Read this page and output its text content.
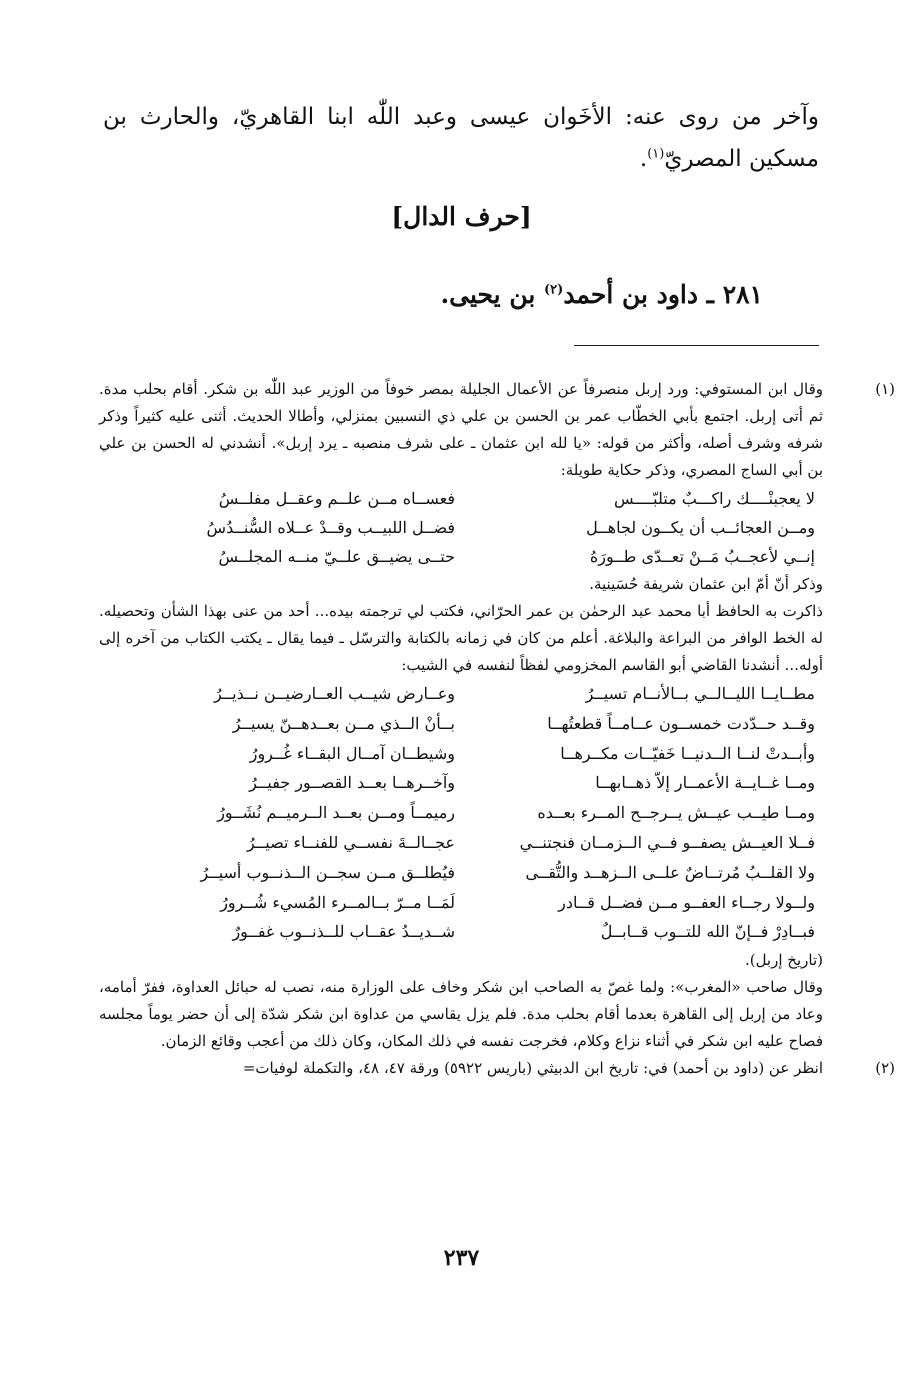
وآخر من روى عنه: الأخَوان عيسى وعبد اللّٰه ابنا القاهريّ، والحارث بن مسكين المصريّ$^{(١)}$.

[حرف الدال]
٢٨١ ـ داود بن أحمد$^{(٢)}$ بن يحيى.
(١)

وقال ابن المستوفي: ورد إربل منصرفاً عن الأعمال الجليلة بمصر خوفاً من الوزير عبد اللّٰه بن شكر. أقام بحلب مدة. ثم أتى إربل. اجتمع بأبي الخطّاب عمر بن الحسن بن علي ذي النسبين بمنزلي، وأطالا الحديث. أثنى عليه كثيراً وذكر شرفه وشرف أصله، وأكثر من قوله: «يا لله ابن عثمان ـ على شرف منصبه ـ يرد إربل». أنشدني له الحسن بن علي بن أبي الساج المصري، وذكر حكاية طويلة:

لا يعجبنْــــك راكـــبٌ متلبّــــس
فعســاه مــن علــم وعقــل مفلــسُ
ومــن العجائــب أن يكــون لجاهــل
فضــل اللبيــب وقــدْ عــلاه السُّنــدُسُ
إنــي لأعجــبُ مَــنْ تعــدّى طــورَهُ
حتــى يضيــق علــيّ منــه المجلــسُ

وذكر أنّ أمّ ابن عثمان شريفة حُسَينية.

ذاكرت به الحافظ أبا محمد عبد الرحمٰن بن عمر الحرّاني، فكتب لي ترجمته بيده... أحد من عنى بهذا الشأن وتحصيله. له الخط الوافر من البراعة والبلاغة. أعلم من كان في زمانه بالكتابة والترسّل ـ فيما يقال ـ يكتب الكتاب من آخره إلى أوله... أنشدنا القاضي أبو القاسم المخزومي لفظاً لنفسه في الشيب:

مطــايــا الليــالــي بــالأنــام تسيــرُ
وعــارض شيــب العــارضيــن نــذيــرُ
وقــد حــدّدت خمســون عــامــاً قطعتُهــا
بــأنْ الــذي مــن بعــدهــنّ يسيــرُ
وأبــدتْ لنــا الــدنيــا خَفيّــات مكــرهــا
وشيطــان آمــال البقــاء غُــرورُ
ومــا غــايــة الأعمــار إلاّ ذهــابهــا
وآخــرهــا بعــد القصــور جفيــرُ
ومــا طيــب عيــش يــرجــح المــرء بعــده
رميمــاً ومــن بعــد الــرميــم نُشَــورُ
فــلا العيــش يصفــو فــي الــزمــان فنجتنــي
عجــالــةَ نفســي للفنــاء تصيــرُ
ولا القلــبُ مُرتــاضٌ علــى الــزهــد والتُّقــى
فيُطلــق مــن سجــن الــذنــوب أسيــرُ
ولــولا رجــاء العفــو مــن فضــل قــادر
لَمَــا مــرّ بــالمــرء المُسيء شُــرورُ
فبــادِرْ فــإنّ الله للتــوب قــابــلٌ
شــديــدُ عقــاب للــذنــوب غفــورٌ

(تاريخ إربل).

وقال صاحب «المغرب»: ولما غصّ به الصاحب ابن شكر وخاف على الوزارة منه، نصب له حبائل العداوة، ففرّ أمامه، وعاد من إربل إلى القاهرة بعدما أقام بحلب مدة. فلم يزل يقاسي من عداوة ابن شكر شدّة إلى أن حضر يوماً مجلسه فصاح عليه ابن شكر في أثناء نزاع وكلام، فخرجت نفسه في ذلك المكان، وكان ذلك من أعجب وقائع الزمان.

(٢)

انظر عن (داود بن أحمد) في: تاريخ ابن الدبيثي (باريس ٥٩٢٢) ورقة ٤٧، ٤٨، والتكملة لوفيات=

٢٣٧
